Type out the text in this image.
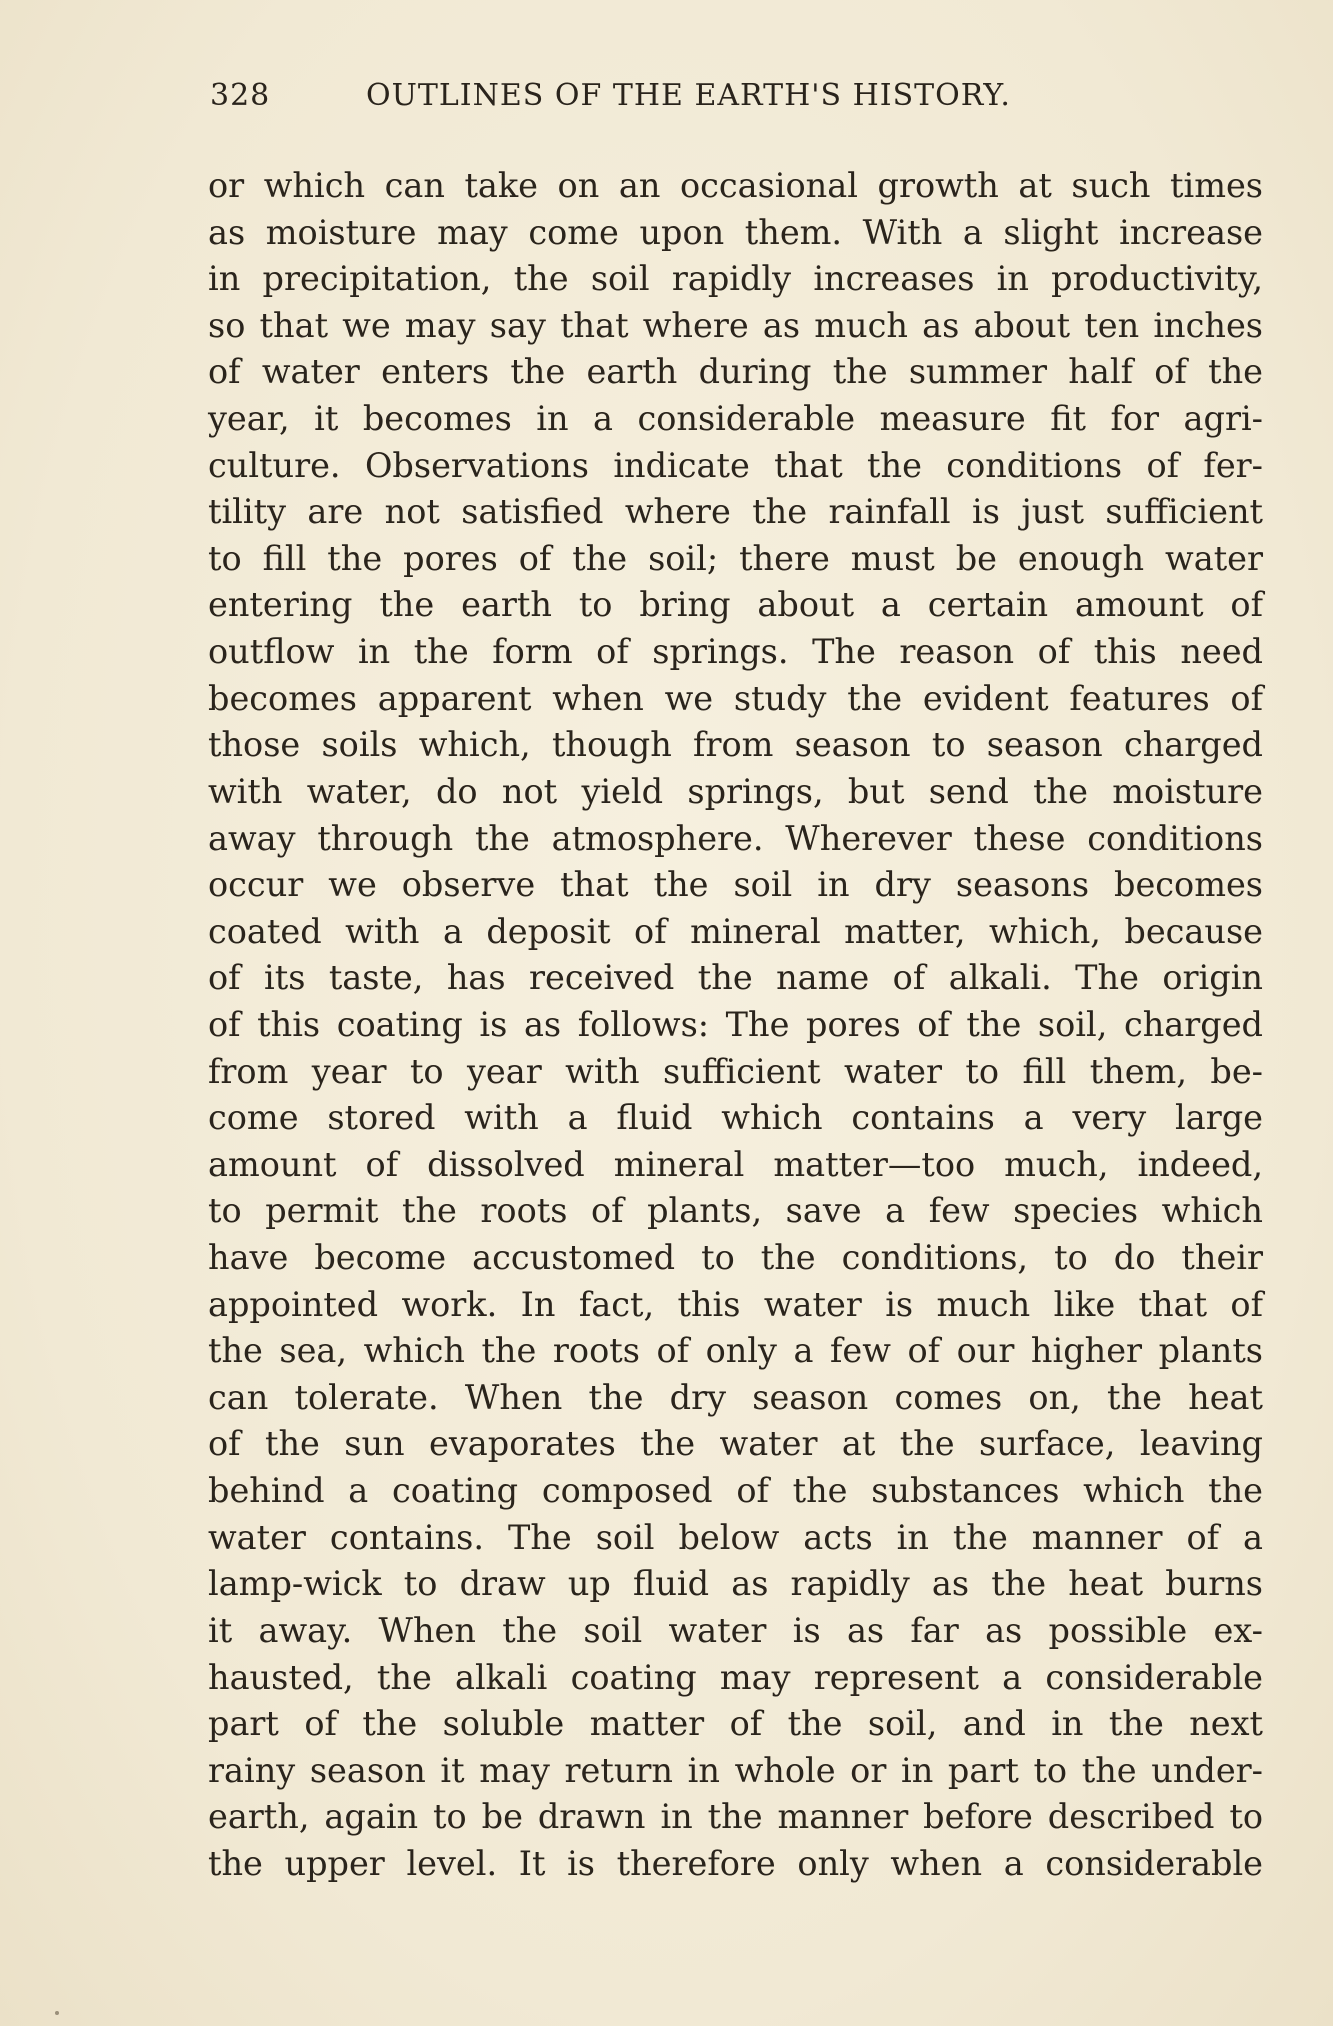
328	OUTLINES OF THE EARTH'S HISTORY.
or which can take on an occasional growth at such times
as moisture may come upon them. With a slight increase
in precipitation, the soil rapidly increases in productivity,
so that we may say that where as much as about ten inches
of water enters the earth during the summer half of the
year, it becomes in a considerable measure fit for agri-
culture. Observations indicate that the conditions of fer-
tility are not satisfied where the rainfall is just sufficient
to fill the pores of the soil; there must be enough water
entering the earth to bring about a certain amount of
outflow in the form of springs. The reason of this need
becomes apparent when we study the evident features of
those soils which, though from season to season charged
with water, do not yield springs, but send the moisture
away through the atmosphere. Wherever these conditions
occur we observe that the soil in dry seasons becomes
coated with a deposit of mineral matter, which, because
of its taste, has received the name of alkali. The origin
of this coating is as follows: The pores of the soil, charged
from year to year with sufficient water to fill them, be-
come stored with a fluid which contains a very large
amount of dissolved mineral matter—too much, indeed,
to permit the roots of plants, save a few species which
have become accustomed to the conditions, to do their
appointed work. In fact, this water is much like that of
the sea, which the roots of only a few of our higher plants
can tolerate. When the dry season comes on, the heat
of the sun evaporates the water at the surface, leaving
behind a coating composed of the substances which the
water contains. The soil below acts in the manner of a
lamp-wick to draw up fluid as rapidly as the heat burns
it away. When the soil water is as far as possible ex-
hausted, the alkali coating may represent a considerable
part of the soluble matter of the soil, and in the next
rainy season it may return in whole or in part to the under-
earth, again to be drawn in the manner before described to
the upper level. It is therefore only when a considerable
